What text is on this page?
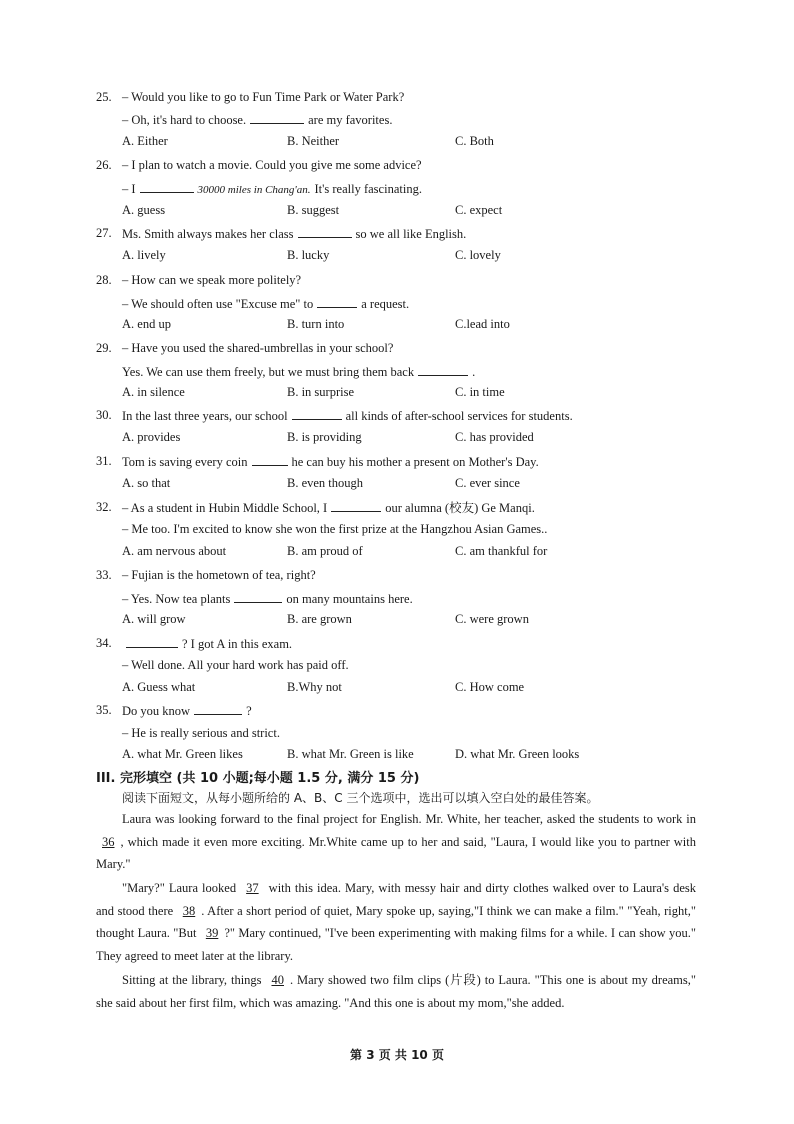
25. – Would you like to go to Fun Time Park or Water Park?
– Oh, it's hard to choose.	are my favorites.
A. Either	B. Neither	C. Both
26. – I plan to watch a movie. Could you give me some advice?
– I	30000 miles in Chang'an. It's really fascinating.
A. guess	B. suggest	C. expect
27. Ms. Smith always makes her class	so we all like English.
A. lively	B. lucky	C. lovely
28. – How can we speak more politely?
– We should often use "Excuse me" to	a request.
A. end up	B. turn into	C.lead into
29. – Have you used the shared-umbrellas in your school?
Yes. We can use them freely, but we must bring them back	.
A. in silence	B. in surprise	C. in time
30. In the last three years, our school	all kinds of after-school services for students.
A. provides	B. is providing	C. has provided
31. Tom is saving every coin	he can buy his mother a present on Mother's Day.
A. so that	B. even though	C. ever since
32. – As a student in Hubin Middle School, I	our alumna (校友) Ge Manqi.
– Me too. I'm excited to know she won the first prize at the Hangzhou Asian Games..
A. am nervous about	B. am proud of	C. am thankful for
33. – Fujian is the hometown of tea, right?
– Yes. Now tea plants	on many mountains here.
A. will grow	B. are grown	C. were grown
34.	? I got A in this exam.
– Well done. All your hard work has paid off.
A. Guess what	B.Why not	C. How come
35. Do you know	?
– He is really serious and strict.
A. what Mr. Green likes	B. what Mr. Green is like	D. what Mr. Green looks
III. 完形填空 (共 10 小题;每小题 1.5 分, 满分 15 分)
阅读下面短文，从每小题所给的 A、B、C 三个选项中，选出可以填入空白处的最佳答案。
Laura was looking forward to the final project for English. Mr. White, her teacher, asked the students to work in 36 , which made it even more exciting. Mr.White came up to her and said, "Laura, I would like you to partner with Mary."
"Mary?" Laura looked 37 with this idea. Mary, with messy hair and dirty clothes walked over to Laura's desk and stood there 38 . After a short period of quiet, Mary spoke up, saying,"I think we can make a film." "Yeah, right," thought Laura. "But 39 ?" Mary continued, "I've been experimenting with making films for a while. I can show you." They agreed to meet later at the library.
Sitting at the library, things 40 . Mary showed two film clips (片段) to Laura. "This one is about my dreams," she said about her first film, which was amazing. "And this one is about my mom,"she added.
第 3 页 共 10 页
